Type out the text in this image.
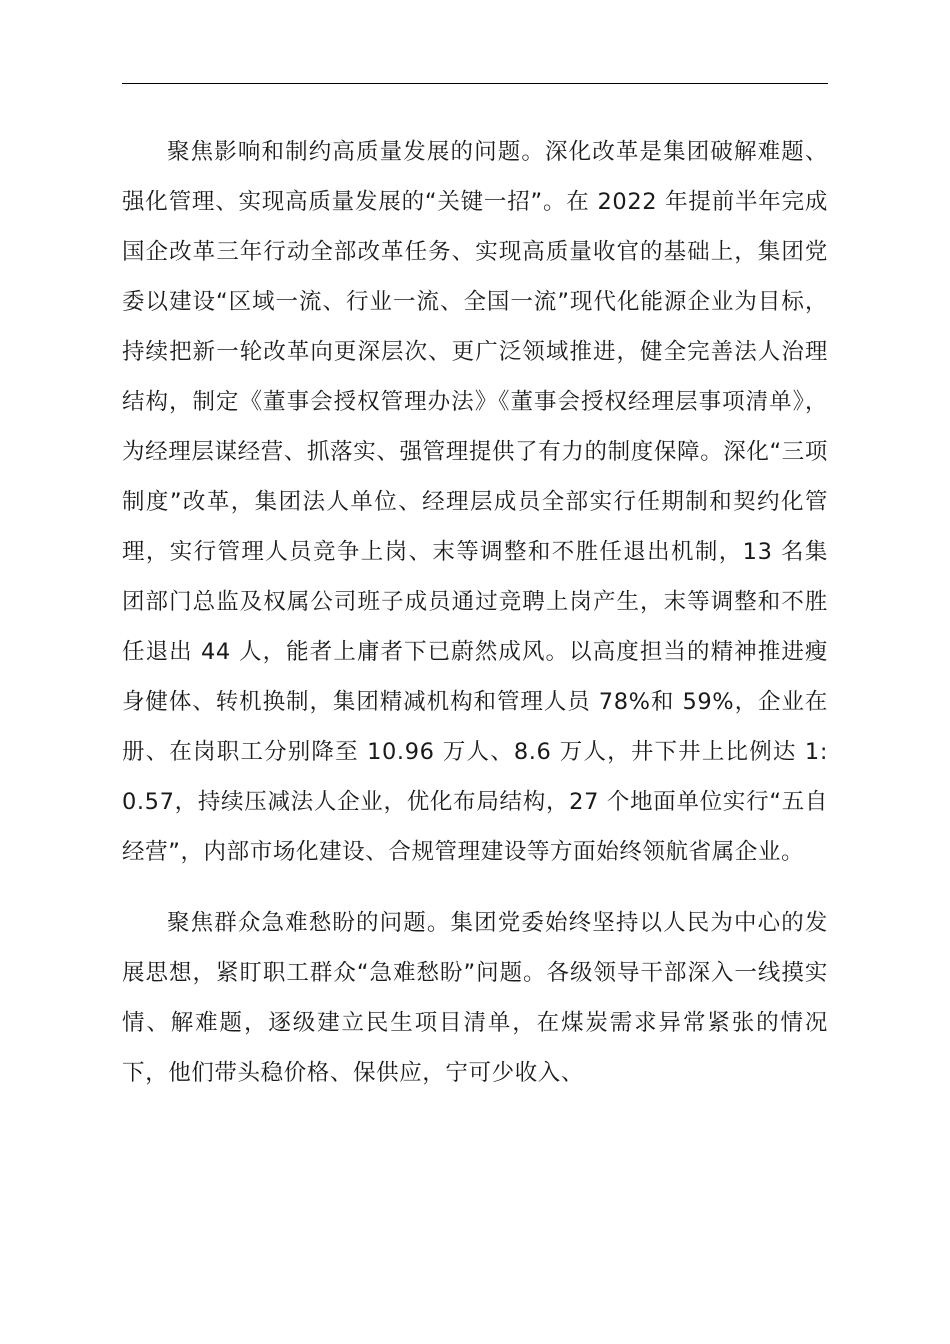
聚焦影响和制约高质量发展的问题。深化改革是集团破解难题、强化管理、实现高质量发展的“关键一招”。在 2022 年提前半年完成国企改革三年行动全部改革任务、实现高质量收官的基础上，集团党委以建设“区域一流、行业一流、全国一流”现代化能源企业为目标，持续把新一轮改革向更深层次、更广泛领域推进，健全完善法人治理结构，制定《董事会授权管理办法》《董事会授权经理层事项清单》，为经理层谋经营、抓落实、强管理提供了有力的制度保障。深化“三项制度”改革，集团法人单位、经理层成员全部实行任期制和契约化管理，实行管理人员竞争上岗、末等调整和不胜任退出机制，13 名集团部门总监及权属公司班子成员通过竞聘上岗产生，末等调整和不胜任退出 44 人，能者上庸者下已蔚然成风。以高度担当的精神推进瘦身健体、转机换制，集团精减机构和管理人员 78%和 59%，企业在册、在岗职工分别降至 10.96 万人、8.6 万人，井下井上比例达 1:0.57，持续压减法人企业，优化布局结构，27 个地面单位实行“五自经营”，内部市场化建设、合规管理建设等方面始终领航省属企业。

聚焦群众急难愁盼的问题。集团党委始终坚持以人民为中心的发展思想，紧盯职工群众“急难愁盼”问题。各级领导干部深入一线摸实情、解难题，逐级建立民生项目清单，在煤炭需求异常紧张的情况下，他们带头稳价格、保供应，宁可少收入、
